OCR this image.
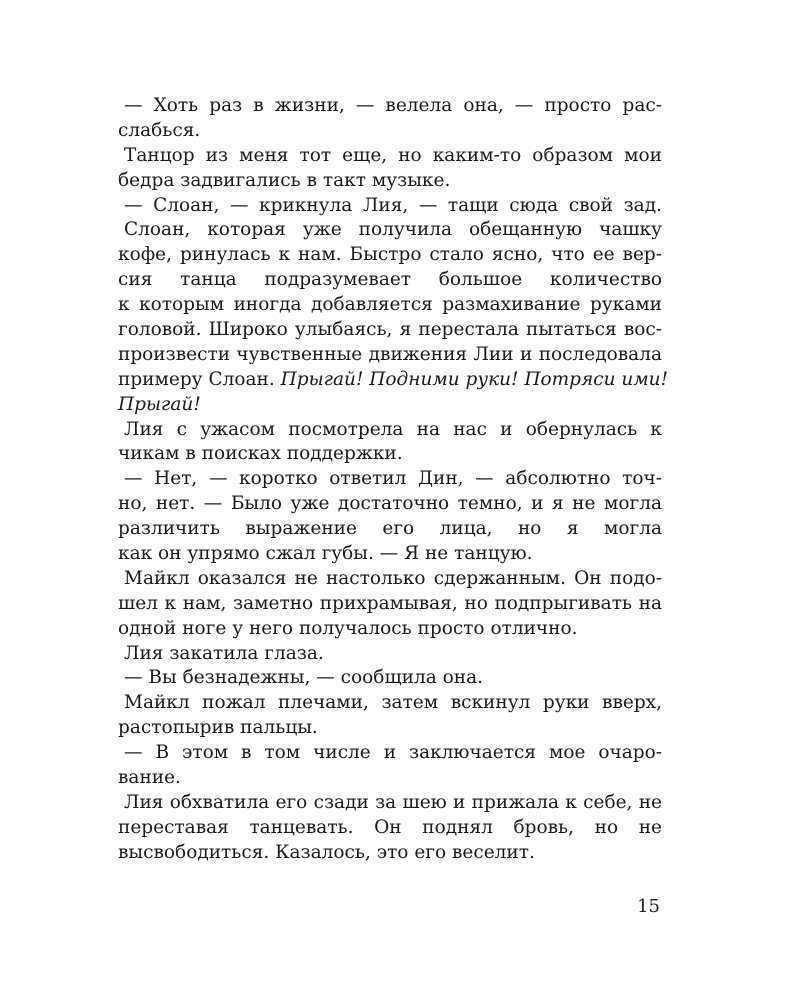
— Хоть раз в жизни, — велела она, — просто рас-
слабься.
Танцор из меня тот еще, но каким-то образом мои
бедра задвигались в такт музыке.
— Слоан, — крикнула Лия, — тащи сюда свой зад.
Слоан, которая уже получила обещанную чашку
кофе, ринулась к нам. Быстро стало ясно, что ее вер-
сия танца подразумевает большое количество
к которым иногда добавляется размахивание руками
головой. Широко улыбаясь, я перестала пытаться вос-
произвести чувственные движения Лии и последовала
примеру Слоан. Прыгай! Подними руки! Потряси ими!
Прыгай!
Лия с ужасом посмотрела на нас и обернулась к
чикам в поисках поддержки.
— Нет, — коротко ответил Дин, — абсолютно точ-
но, нет. — Было уже достаточно темно, и я не могла
различить выражение его лица, но я могла
как он упрямо сжал губы. — Я не танцую.
Майкл оказался не настолько сдержанным. Он подо-
шел к нам, заметно прихрамывая, но подпрыгивать на
одной ноге у него получалось просто отлично.
Лия закатила глаза.
— Вы безнадежны, — сообщила она.
Майкл пожал плечами, затем вскинул руки вверх,
растопырив пальцы.
— В этом в том числе и заключается мое очаро-
вание.
Лия обхватила его сзади за шею и прижала к себе, не
переставая танцевать. Он поднял бровь, но не
высвободиться. Казалось, это его веселит.
15
